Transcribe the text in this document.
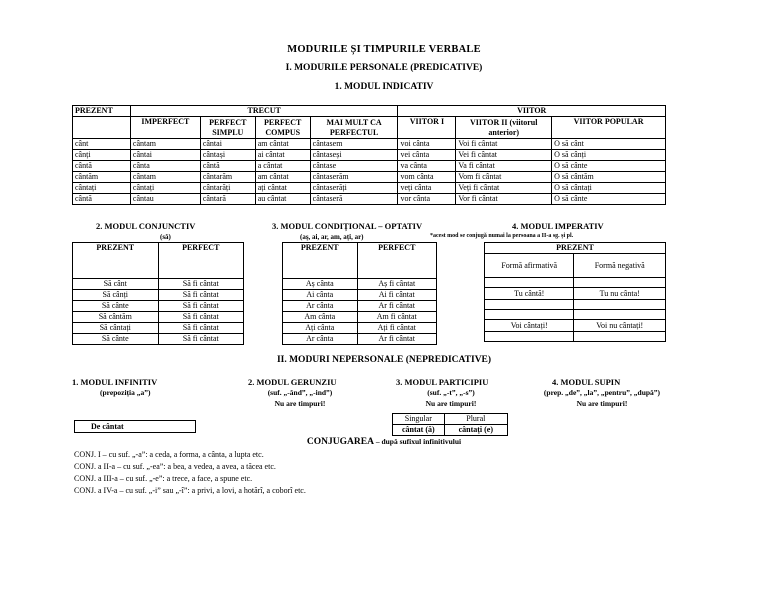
MODURILE ȘI TIMPURILE VERBALE
I. MODURILE PERSONALE (PREDICATIVE)
1. MODUL INDICATIV
PREZENT	TRECUT				VIITOR		
	IMPERFECT	PERFECT SIMPLU	PERFECT COMPUS	MAI MULT CA PERFECTUL	VIITOR I	VIITOR II (viitorul anterior)	VIITOR POPULAR
cânt	cântam	cântai	am cântat	cântasem	voi cânta	Voi fi cântat	O să cânt
cânți	cântai	cântași	ai cântat	cântaseși	vei cânta	Vei fi cântat	O să cânți
cântă	cânta	cântă	a cântat	cântase	va cânta	Va fi cântat	O să cânte
cântăm	cântam	cântarăm	am cântat	cântaserăm	vom cânta	Vom fi cântat	O să cântăm
cântați	cântați	cântarăți	ați cântat	cântaserăți	veți cânta	Veți fi cântat	O să cântați
cântă	cântau	cântară	au cântat	cântaseră	vor cânta	Vor fi cântat	O să cânte
2. MODUL CONJUNCTIV
(să)
3. MODUL CONDIȚIONAL – OPTATIV
(aș, ai, ar, am, ați, ar)
4. MODUL IMPERATIV
*acest mod se conjugă numai la persoana a II-a sg. și pl.
PREZENT	PERFECT
Să cânt	Să fi cântat
Să cânți	Să fi cântat
Să cânte	Să fi cântat
Să cântăm	Să fi cântat
Să cântați	Să fi cântat
Să cânte	Să fi cântat
PREZENT	PERFECT
Aș cânta	Aș fi cântat
Ai cânta	Ai fi cântat
Ar cânta	Ar fi cântat
Am cânta	Am fi cântat
Ați cânta	Ați fi cântat
Ar cânta	Ar fi cântat
PREZENT	
Formă afirmativă	Formă negativă

Tu cântă!	Tu nu cânta!

Voi cântați!	Voi nu cântați!

II. MODURI NEPERSONALE (NEPREDICATIVE)
1. MODUL INFINITIV
(prepoziția „a”)
2. MODUL GERUNZIU
(suf. „-ând”, „-ind”)
Nu are timpuri!
3. MODUL PARTICIPIU
(suf. „-t”, „-s”)
Nu are timpuri!
4. MODUL SUPIN
(prep. „de”, „la”, „pentru”, „după”)
Nu are timpuri!
De cântat
Singular	Plural
cântat (ă)	cântați (e)
CONJUGAREA – după sufixul infinitivului
CONJ. I – cu suf. „-a”: a ceda, a forma, a cânta, a lupta etc.
CONJ. a II-a – cu suf. „-ea”: a bea, a vedea, a avea, a tăcea etc.
CONJ. a III-a – cu suf. „-e”: a trece, a face, a spune etc.
CONJ. a IV-a – cu suf. „-i” sau „-î”: a privi, a lovi, a hotărî, a coborî etc.
